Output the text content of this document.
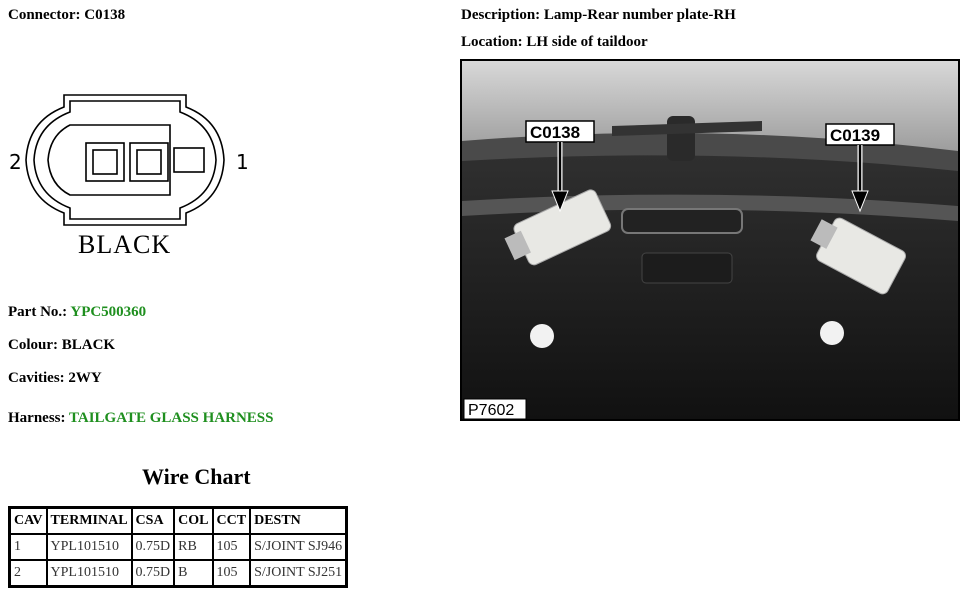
Connector: C0138	Description: Lamp-Rear number plate-RH
Location: LH side of taildoor
2	1
BLACK
C0138	C0139
P7602
Part No.: YPC500360
Colour: BLACK
Cavities: 2WY
Harness: TAILGATE GLASS HARNESS
Wire Chart
CAV	TERMINAL	CSA	COL	CCT	DESTN
1	YPL101510	0.75D	RB	105	S/JOINT SJ946
2	YPL101510	0.75D	B	105	S/JOINT SJ251
